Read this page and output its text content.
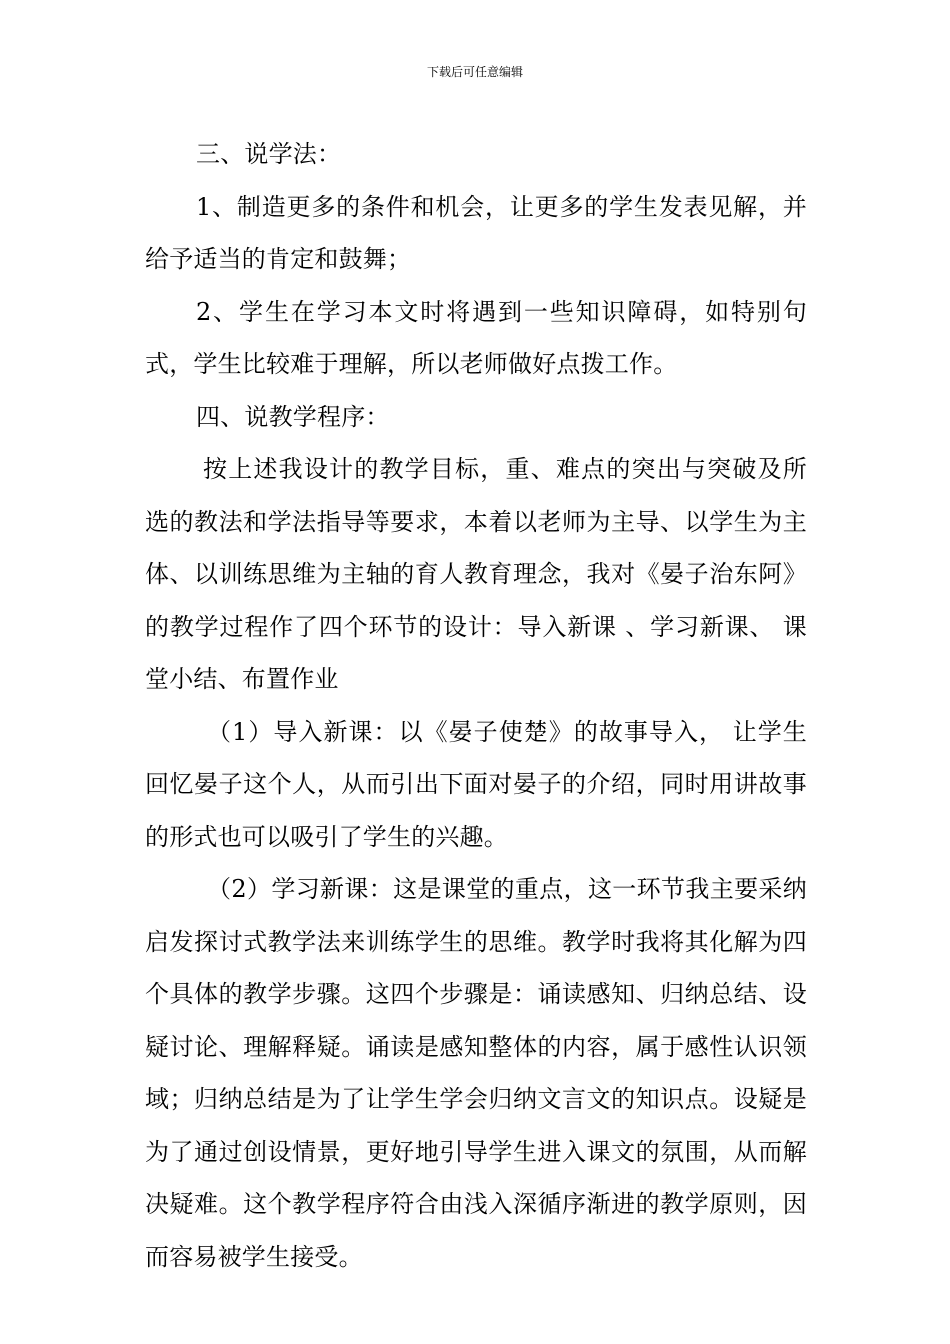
下载后可任意编辑

三、说学法：

1、制造更多的条件和机会，让更多的学生发表见解，并给予适当的肯定和鼓舞；

2、学生在学习本文时将遇到一些知识障碍，如特别句式，学生比较难于理解，所以老师做好点拨工作。

四、说教学程序：

按上述我设计的教学目标，重、难点的突出与突破及所选的教法和学法指导等要求，本着以老师为主导、以学生为主体、以训练思维为主轴的育人教育理念，我对《晏子治东阿》的教学过程作了四个环节的设计：导入新课 、学习新课、 课堂小结、布置作业

（1）导入新课：以《晏子使楚》的故事导入， 让学生回忆晏子这个人，从而引出下面对晏子的介绍，同时用讲故事的形式也可以吸引了学生的兴趣。

（2）学习新课：这是课堂的重点，这一环节我主要采纳启发探讨式教学法来训练学生的思维。教学时我将其化解为四个具体的教学步骤。这四个步骤是：诵读感知、归纳总结、设疑讨论、理解释疑。诵读是感知整体的内容，属于感性认识领域；归纳总结是为了让学生学会归纳文言文的知识点。设疑是为了通过创设情景，更好地引导学生进入课文的氛围，从而解决疑难。这个教学程序符合由浅入深循序渐进的教学原则，因而容易被学生接受。
